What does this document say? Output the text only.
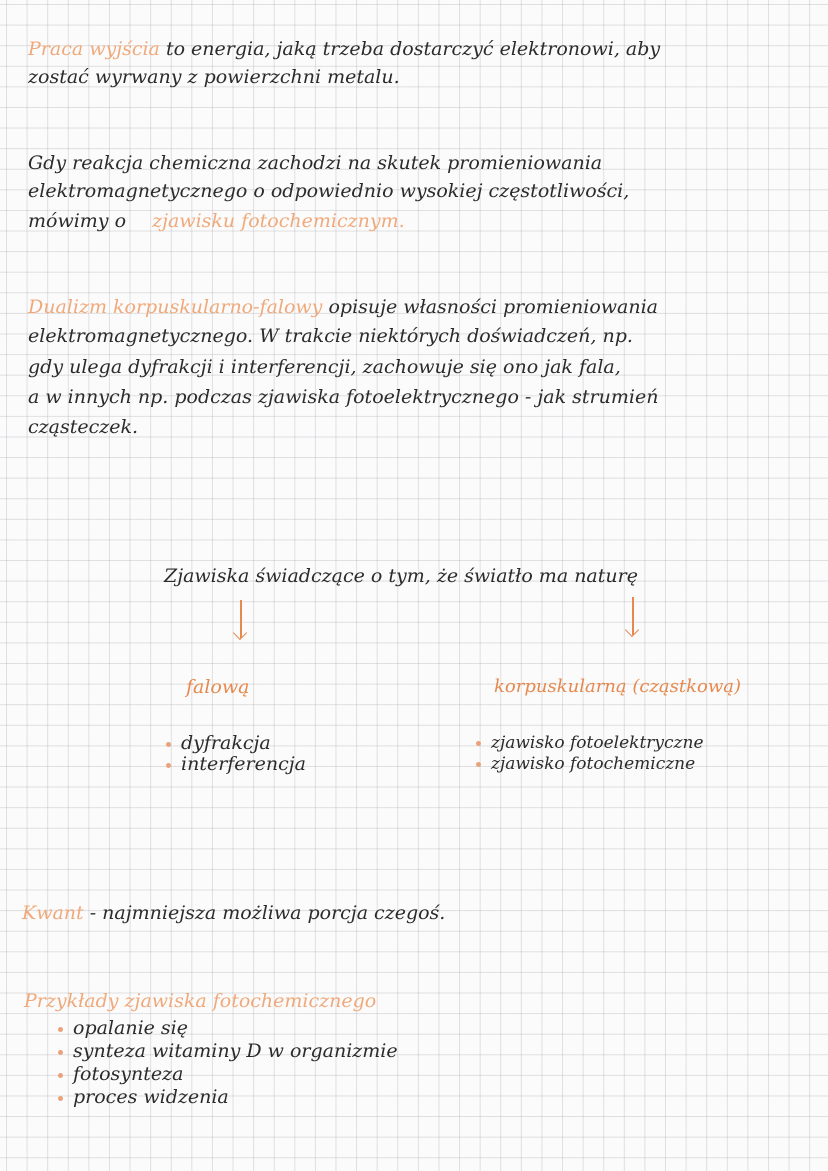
Praca wyjścia to energia, jaką trzeba dostarczyć elektronowi, aby
zostać wyrwany z powierzchni metalu.
Gdy reakcja chemiczna zachodzi na skutek promieniowania
elektromagnetycznego o odpowiednio wysokiej częstotliwości,
mówimy o zjawisku fotochemicznym.
Dualizm korpuskularno-falowy opisuje własności promieniowania
elektromagnetycznego. W trakcie niektórych doświadczeń, np.
gdy ulega dyfrakcji i interferencji, zachowuje się ono jak fala,
a w innych np. podczas zjawiska fotoelektrycznego - jak strumień
cząsteczek.
Zjawiska świadczące o tym, że światło ma naturę
falową
dyfrakcja
interferencja
korpuskularną (cząstkową)
zjawisko fotoelektryczne
zjawisko fotochemiczne
Kwant - najmniejsza możliwa porcja czegoś.
Przykłady zjawiska fotochemicznego
opalanie się
synteza witaminy D w organizmie
fotosynteza
proces widzenia
